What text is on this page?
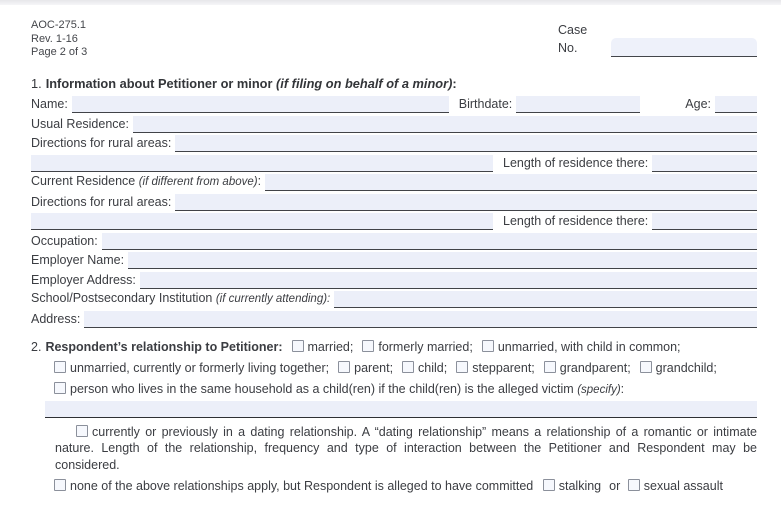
AOC-275.1
Rev. 1-16
Page 2 of 3
Case No.
1. Information about Petitioner or minor (if filing on behalf of a minor):
Name:	Birthdate:	Age:
Usual Residence:
Directions for rural areas:
Length of residence there:
Current Residence (if different from above):
Directions for rural areas:
Length of residence there:
Occupation:
Employer Name:
Employer Address:
School/Postsecondary Institution (if currently attending):
Address:
2. Respondent’s relationship to Petitioner: married; formerly married; unmarried, with child in common;
unmarried, currently or formerly living together; parent; child; stepparent; grandparent; grandchild;
person who lives in the same household as a child(ren) if the child(ren) is the alleged victim (specify):

currently or previously in a dating relationship. A “dating relationship” means a relationship of a romantic or intimate nature. Length of the relationship, frequency and type of interaction between the Petitioner and Respondent may be considered.

none of the above relationships apply, but Respondent is alleged to have committed stalking or sexual assault
